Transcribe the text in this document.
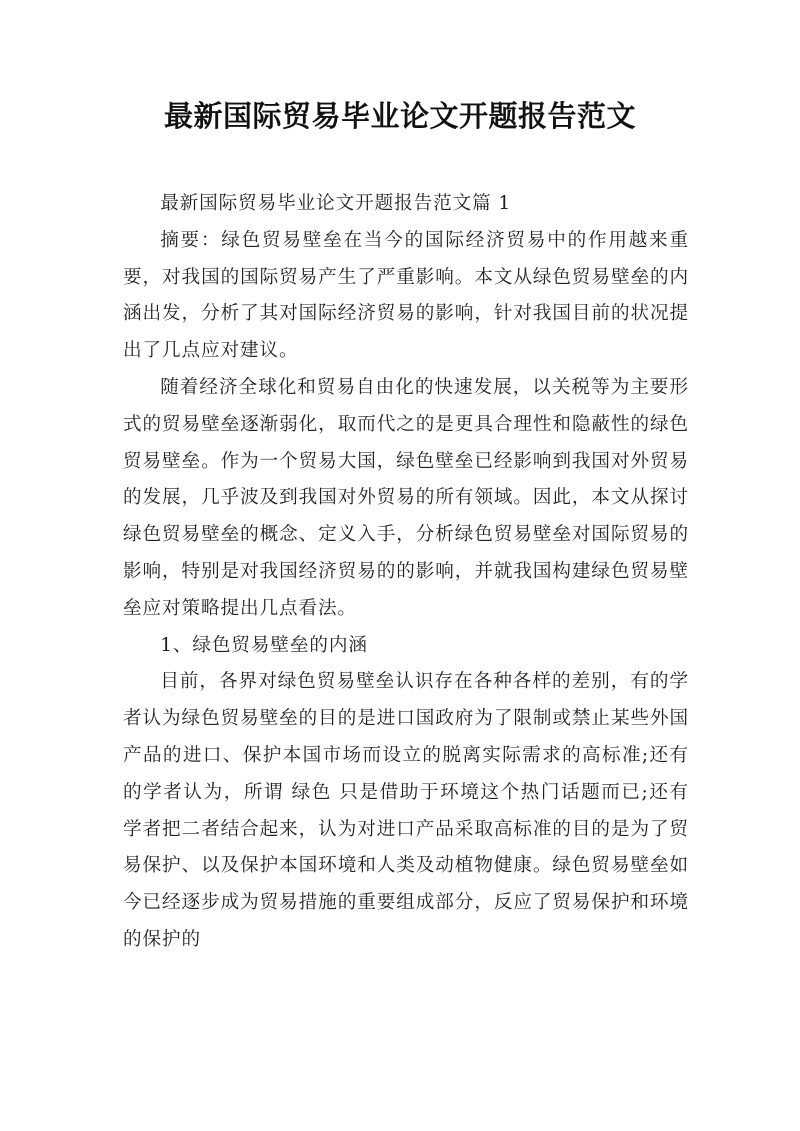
最新国际贸易毕业论文开题报告范文

最新国际贸易毕业论文开题报告范文篇 1

摘要：绿色贸易壁垒在当今的国际经济贸易中的作用越来重要，对我国的国际贸易产生了严重影响。本文从绿色贸易壁垒的内涵出发，分析了其对国际经济贸易的影响，针对我国目前的状况提出了几点应对建议。

随着经济全球化和贸易自由化的快速发展，以关税等为主要形式的贸易壁垒逐渐弱化，取而代之的是更具合理性和隐蔽性的绿色贸易壁垒。作为一个贸易大国，绿色壁垒已经影响到我国对外贸易的发展，几乎波及到我国对外贸易的所有领域。因此，本文从探讨绿色贸易壁垒的概念、定义入手，分析绿色贸易壁垒对国际贸易的影响，特别是对我国经济贸易的的影响，并就我国构建绿色贸易壁垒应对策略提出几点看法。

1、绿色贸易壁垒的内涵

目前，各界对绿色贸易壁垒认识存在各种各样的差别，有的学者认为绿色贸易壁垒的目的是进口国政府为了限制或禁止某些外国产品的进口、保护本国市场而设立的脱离实际需求的高标准;还有的学者认为，所谓 绿色 只是借助于环境这个热门话题而已;还有学者把二者结合起来，认为对进口产品采取高标准的目的是为了贸易保护、以及保护本国环境和人类及动植物健康。绿色贸易壁垒如今已经逐步成为贸易措施的重要组成部分，反应了贸易保护和环境的保护的
